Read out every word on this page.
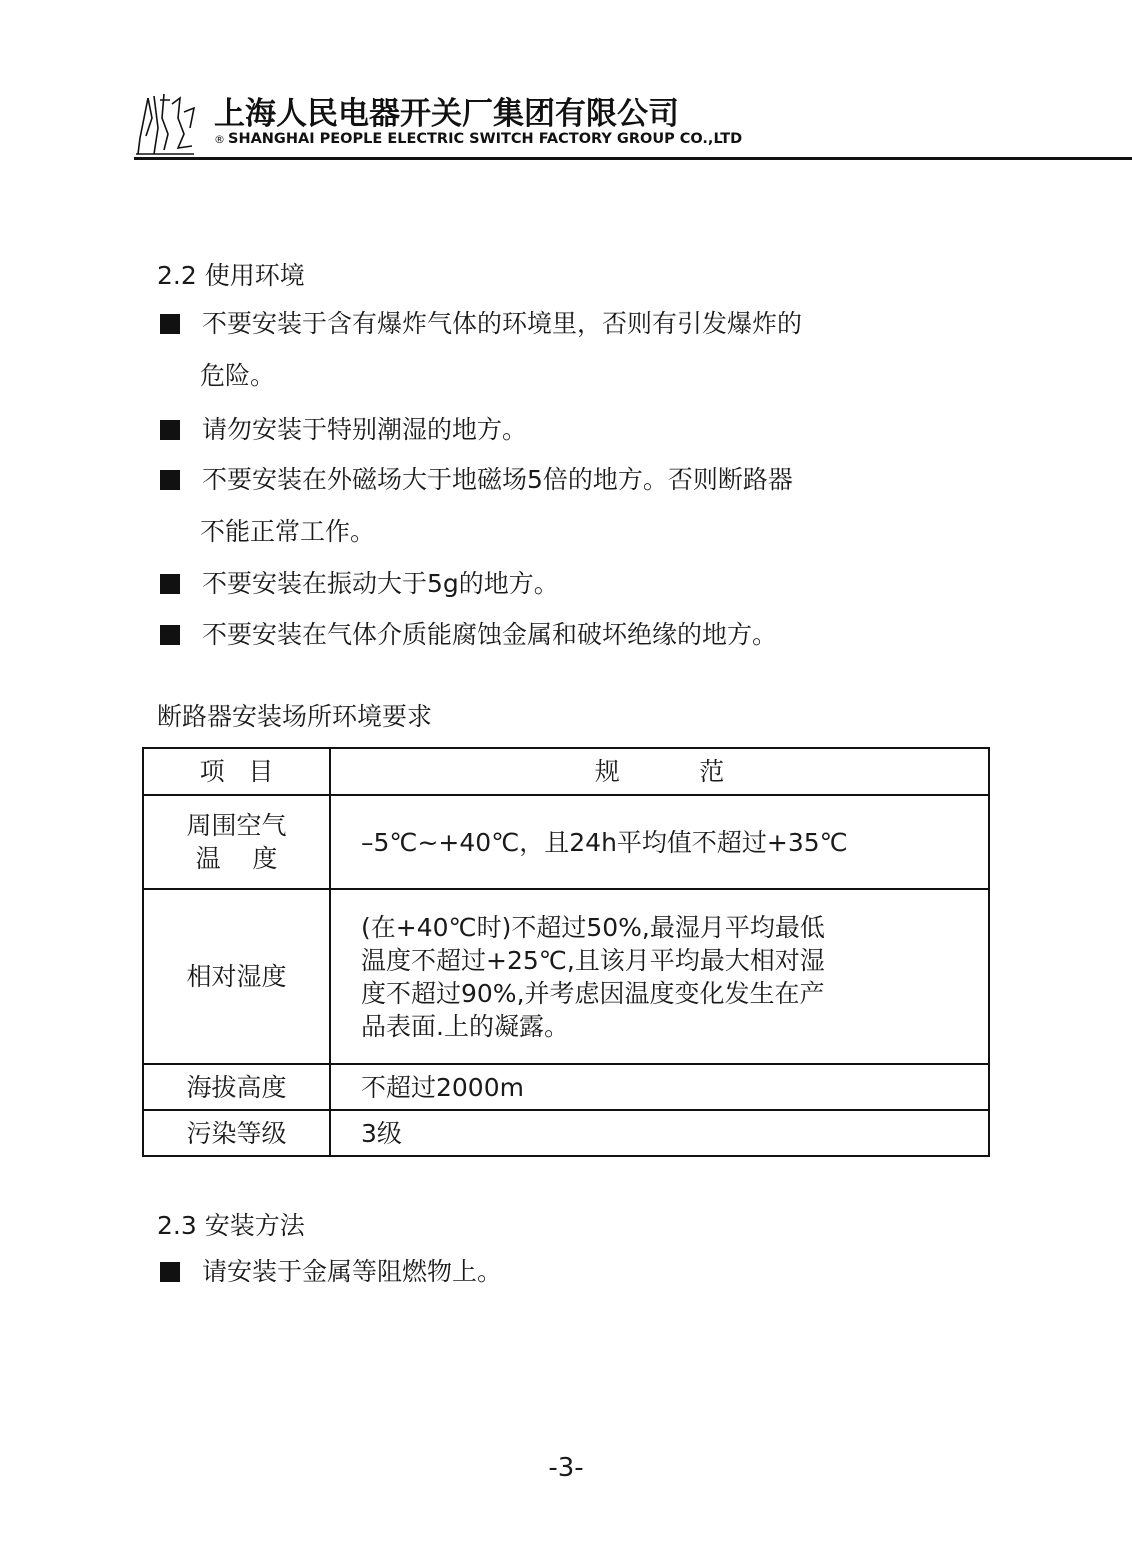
上海人民电器开关厂集团有限公司
® SHANGHAI PEOPLE ELECTRIC SWITCH FACTORY GROUP CO.,LTD
2.2 使用环境
不要安装于含有爆炸气体的环境里，否则有引发爆炸的
危险。
请勿安装于特别潮湿的地方。
不要安装在外磁场大于地磁场5倍的地方。否则断路器
不能正常工作。
不要安装在振动大于5g的地方。
不要安装在气体介质能腐蚀金属和破坏绝缘的地方。
断路器安装场所环境要求
项   目	规          范

周围空气
温    度	–5℃~+40℃，且24h平均值不超过+35℃
相对湿度	(在+40℃时)不超过50%,最湿月平均最低
温度不超过+25℃,且该月平均最大相对湿
度不超过90%,并考虑因温度变化发生在产
品表面.上的凝露。

海拔高度	不超过2000m
污染等级	3级
2.3 安装方法
请安装于金属等阻燃物上。
-3-
